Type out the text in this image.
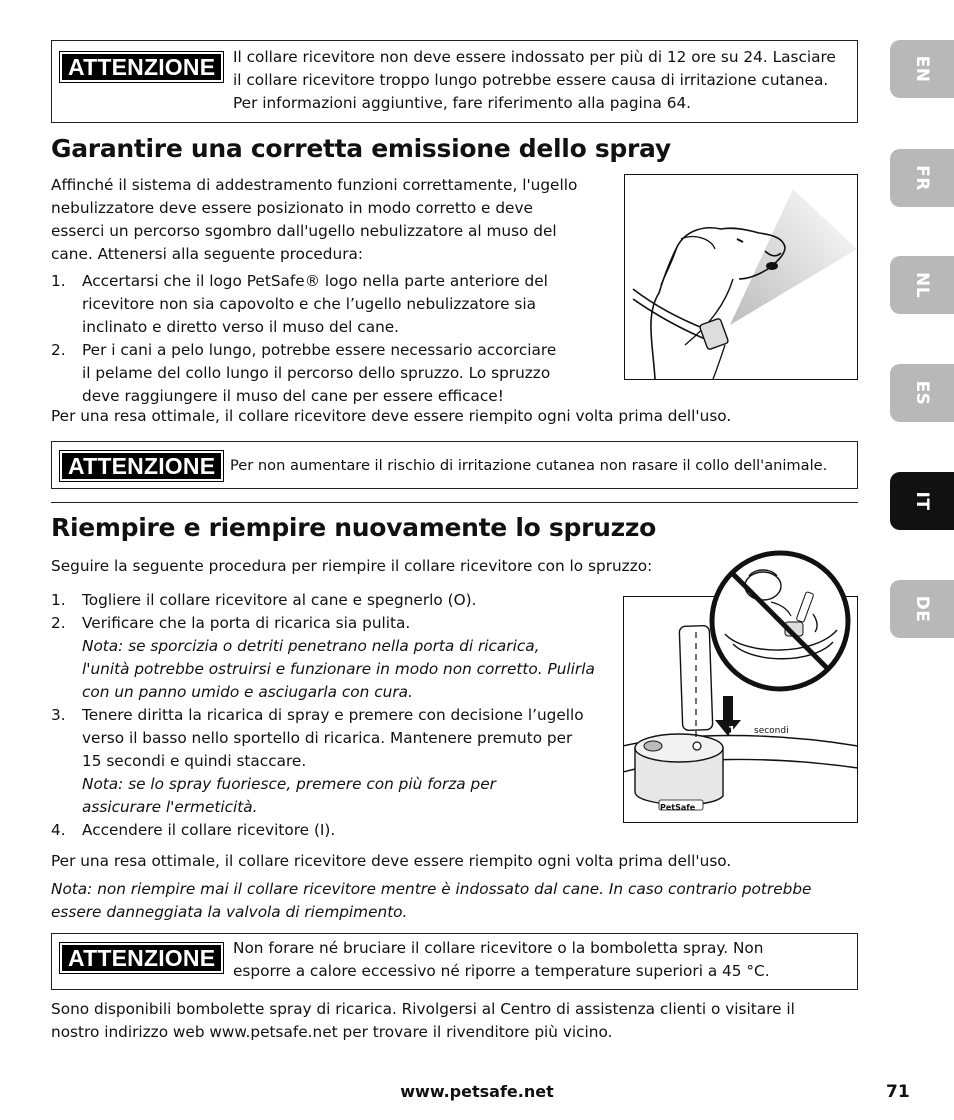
ATTENZIONE	Il collare ricevitore non deve essere indossato per più di 12 ore su 24. Lasciare
il collare ricevitore troppo lungo potrebbe essere causa di irritazione cutanea.
Per informazioni aggiuntive, fare riferimento alla pagina 64.
Garantire una corretta emissione dello spray
Affinché il sistema di addestramento funzioni correttamente, l'ugello
nebulizzatore deve essere posizionato in modo corretto e deve
esserci un percorso sgombro dall'ugello nebulizzatore al muso del
cane. Attenersi alla seguente procedura:
1. Accertarsi che il logo PetSafe® logo nella parte anteriore del
ricevitore non sia capovolto e che l’ugello nebulizzatore sia
inclinato e diretto verso il muso del cane.
2. Per i cani a pelo lungo, potrebbe essere necessario accorciare
il pelame del collo lungo il percorso dello spruzzo. Lo spruzzo
deve raggiungere il muso del cane per essere efficace!
Per una resa ottimale, il collare ricevitore deve essere riempito ogni volta prima dell'uso.
ATTENZIONE	Per non aumentare il rischio di irritazione cutanea non rasare il collo dell'animale.
Riempire e riempire nuovamente lo spruzzo
Seguire la seguente procedura per riempire il collare ricevitore con lo spruzzo:
1. Togliere il collare ricevitore al cane e spegnerlo (O).
2. Verificare che la porta di ricarica sia pulita.
Nota: se sporcizia o detriti penetrano nella porta di ricarica,
l'unità potrebbe ostruirsi e funzionare in modo non corretto. Pulirla
con un panno umido e asciugarla con cura.
3. Tenere diritta la ricarica di spray e premere con decisione l’ugello
verso il basso nello sportello di ricarica. Mantenere premuto per
15 secondi e quindi staccare.
Nota: se lo spray fuoriesce, premere con più forza per
assicurare l'ermeticità.
4. Accendere il collare ricevitore (I).
15 secondi
PetSafe
Per una resa ottimale, il collare ricevitore deve essere riempito ogni volta prima dell'uso.
Nota: non riempire mai il collare ricevitore mentre è indossato dal cane. In caso contrario potrebbe
essere danneggiata la valvola di riempimento.
ATTENZIONE	Non forare né bruciare il collare ricevitore o la bomboletta spray. Non
esporre a calore eccessivo né riporre a temperature superiori a 45 °C.
Sono disponibili bombolette spray di ricarica. Rivolgersi al Centro di assistenza clienti o visitare il
nostro indirizzo web www.petsafe.net per trovare il rivenditore più vicino.
EN
FR
NL
ES
IT
DE
www.petsafe.net	71
